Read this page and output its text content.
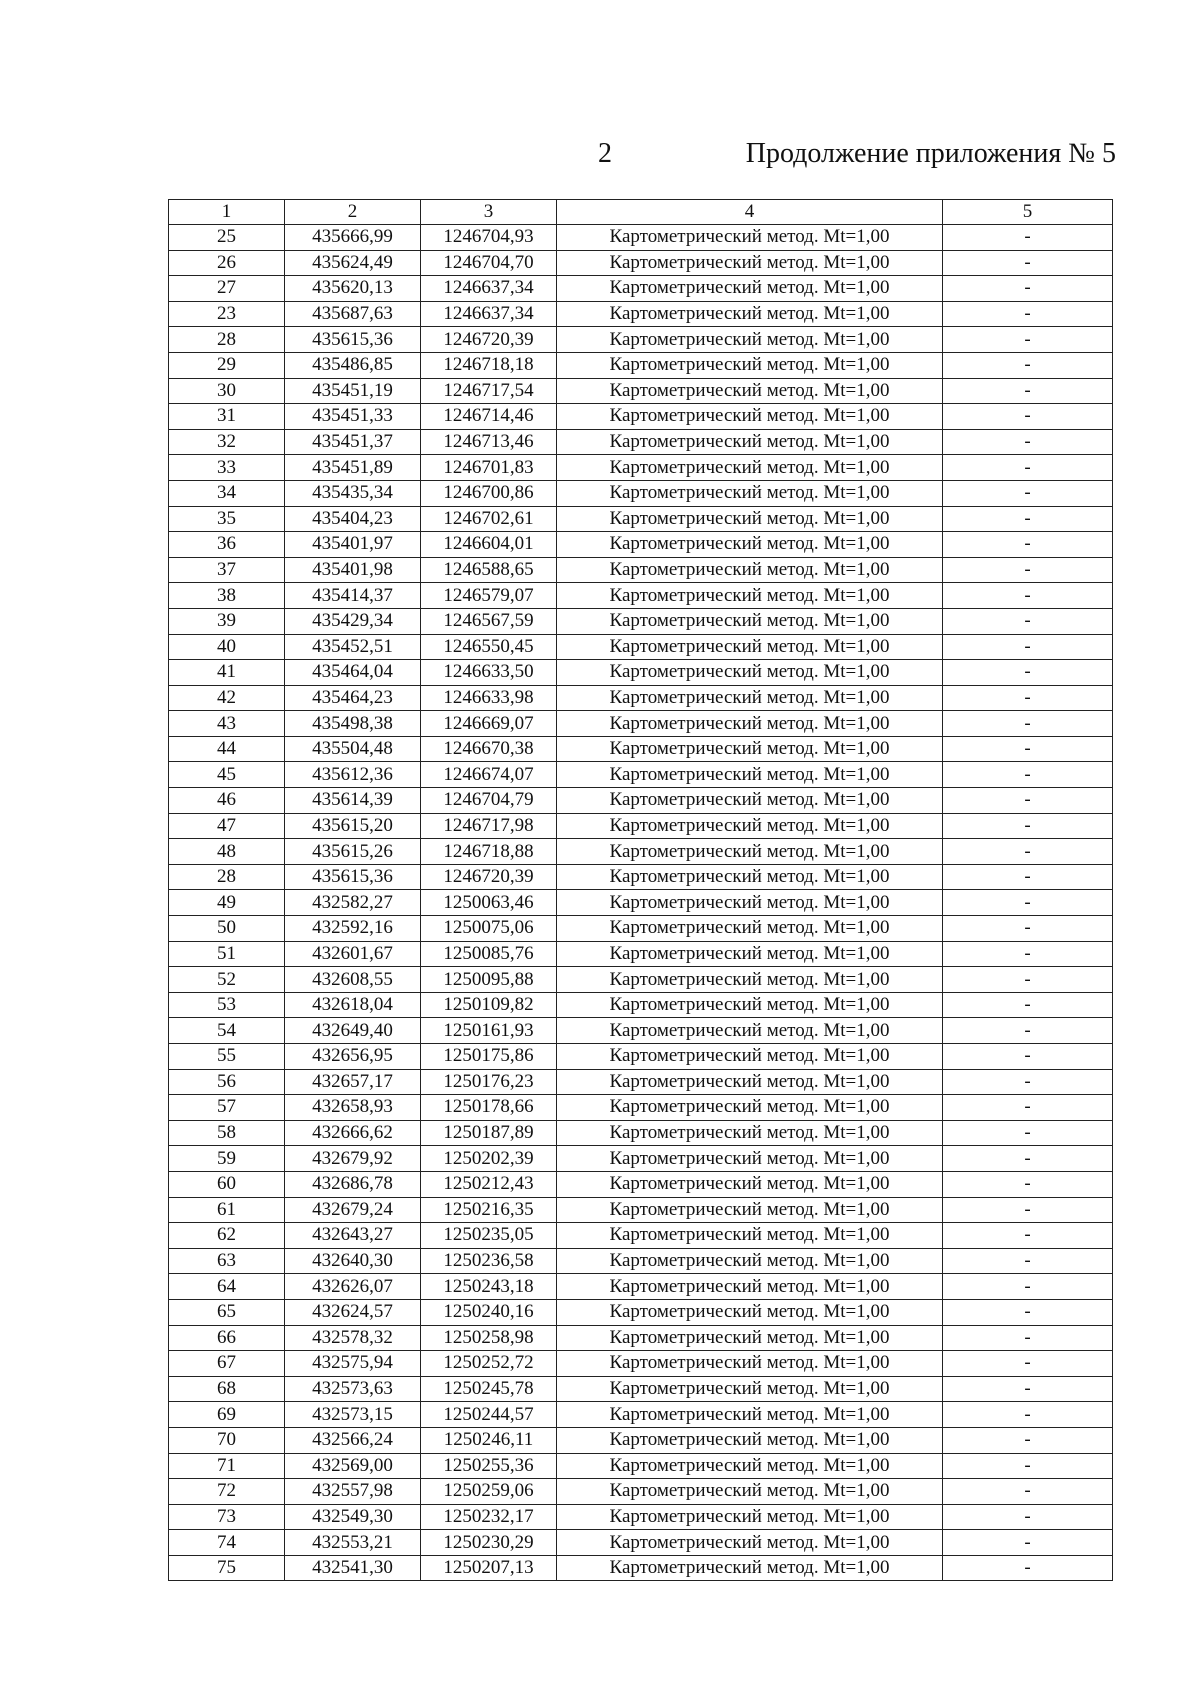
2	Продолжение приложения № 5
1	2	3	4	5
25	435666,99	1246704,93	Картометрический метод. Mt=1,00	-
26	435624,49	1246704,70	Картометрический метод. Mt=1,00	-
27	435620,13	1246637,34	Картометрический метод. Mt=1,00	-
23	435687,63	1246637,34	Картометрический метод. Mt=1,00	-
28	435615,36	1246720,39	Картометрический метод. Mt=1,00	-
29	435486,85	1246718,18	Картометрический метод. Mt=1,00	-
30	435451,19	1246717,54	Картометрический метод. Mt=1,00	-
31	435451,33	1246714,46	Картометрический метод. Mt=1,00	-
32	435451,37	1246713,46	Картометрический метод. Mt=1,00	-
33	435451,89	1246701,83	Картометрический метод. Mt=1,00	-
34	435435,34	1246700,86	Картометрический метод. Mt=1,00	-
35	435404,23	1246702,61	Картометрический метод. Mt=1,00	-
36	435401,97	1246604,01	Картометрический метод. Mt=1,00	-
37	435401,98	1246588,65	Картометрический метод. Mt=1,00	-
38	435414,37	1246579,07	Картометрический метод. Mt=1,00	-
39	435429,34	1246567,59	Картометрический метод. Mt=1,00	-
40	435452,51	1246550,45	Картометрический метод. Mt=1,00	-
41	435464,04	1246633,50	Картометрический метод. Mt=1,00	-
42	435464,23	1246633,98	Картометрический метод. Mt=1,00	-
43	435498,38	1246669,07	Картометрический метод. Mt=1,00	-
44	435504,48	1246670,38	Картометрический метод. Mt=1,00	-
45	435612,36	1246674,07	Картометрический метод. Mt=1,00	-
46	435614,39	1246704,79	Картометрический метод. Mt=1,00	-
47	435615,20	1246717,98	Картометрический метод. Mt=1,00	-
48	435615,26	1246718,88	Картометрический метод. Mt=1,00	-
28	435615,36	1246720,39	Картометрический метод. Mt=1,00	-
49	432582,27	1250063,46	Картометрический метод. Mt=1,00	-
50	432592,16	1250075,06	Картометрический метод. Mt=1,00	-
51	432601,67	1250085,76	Картометрический метод. Mt=1,00	-
52	432608,55	1250095,88	Картометрический метод. Mt=1,00	-
53	432618,04	1250109,82	Картометрический метод. Mt=1,00	-
54	432649,40	1250161,93	Картометрический метод. Mt=1,00	-
55	432656,95	1250175,86	Картометрический метод. Mt=1,00	-
56	432657,17	1250176,23	Картометрический метод. Mt=1,00	-
57	432658,93	1250178,66	Картометрический метод. Mt=1,00	-
58	432666,62	1250187,89	Картометрический метод. Mt=1,00	-
59	432679,92	1250202,39	Картометрический метод. Mt=1,00	-
60	432686,78	1250212,43	Картометрический метод. Mt=1,00	-
61	432679,24	1250216,35	Картометрический метод. Mt=1,00	-
62	432643,27	1250235,05	Картометрический метод. Mt=1,00	-
63	432640,30	1250236,58	Картометрический метод. Mt=1,00	-
64	432626,07	1250243,18	Картометрический метод. Mt=1,00	-
65	432624,57	1250240,16	Картометрический метод. Mt=1,00	-
66	432578,32	1250258,98	Картометрический метод. Mt=1,00	-
67	432575,94	1250252,72	Картометрический метод. Mt=1,00	-
68	432573,63	1250245,78	Картометрический метод. Mt=1,00	-
69	432573,15	1250244,57	Картометрический метод. Mt=1,00	-
70	432566,24	1250246,11	Картометрический метод. Mt=1,00	-
71	432569,00	1250255,36	Картометрический метод. Mt=1,00	-
72	432557,98	1250259,06	Картометрический метод. Mt=1,00	-
73	432549,30	1250232,17	Картометрический метод. Mt=1,00	-
74	432553,21	1250230,29	Картометрический метод. Mt=1,00	-
75	432541,30	1250207,13	Картометрический метод. Mt=1,00	-
